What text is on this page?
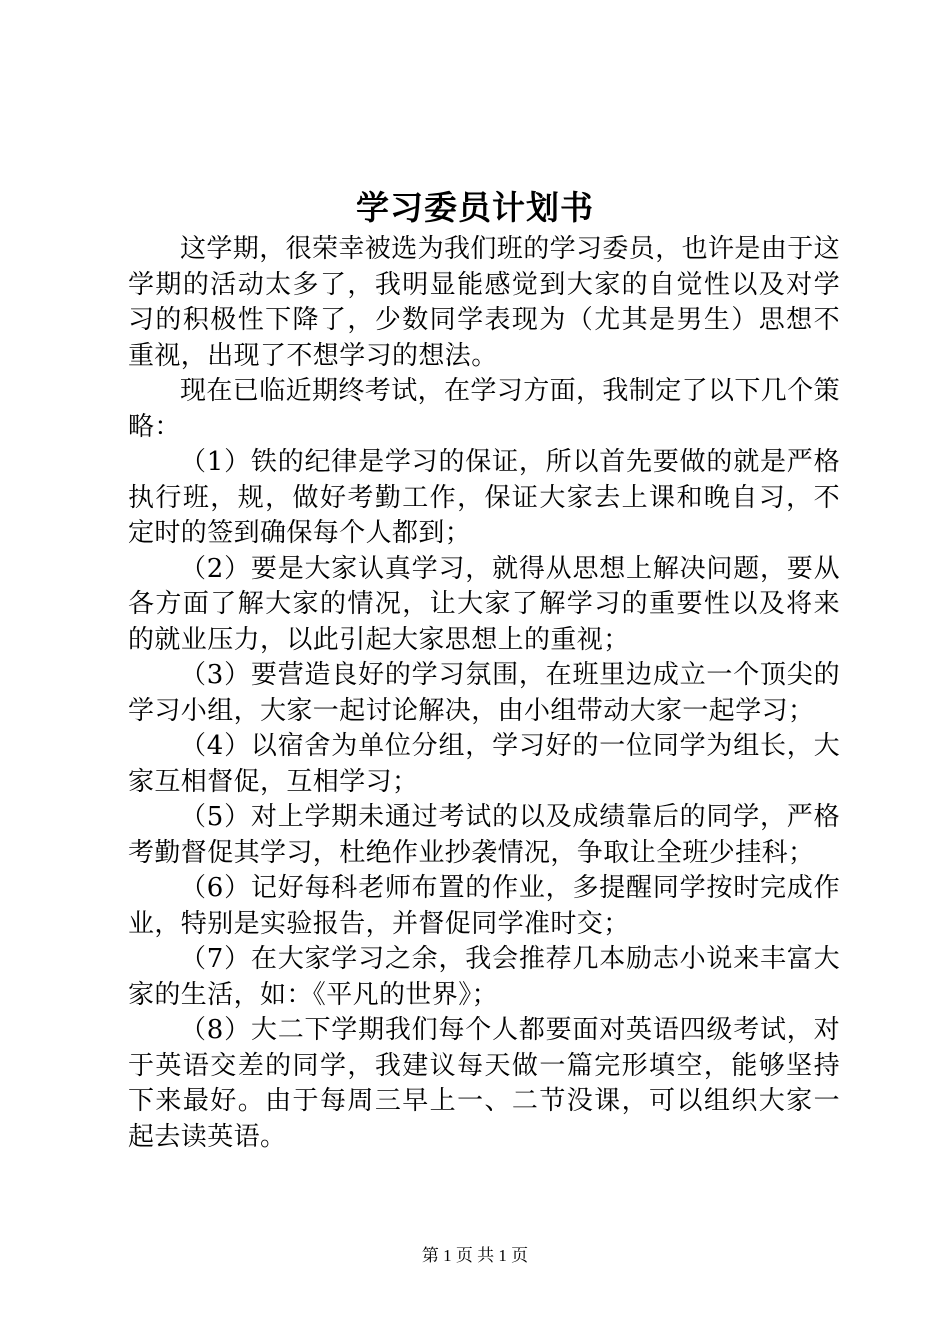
学习委员计划书

这学期，很荣幸被选为我们班的学习委员，也许是由于这学期的活动太多了，我明显能感觉到大家的自觉性以及对学习的积极性下降了，少数同学表现为（尤其是男生）思想不重视，出现了不想学习的想法。

现在已临近期终考试，在学习方面，我制定了以下几个策略：

（1）铁的纪律是学习的保证，所以首先要做的就是严格执行班，规，做好考勤工作，保证大家去上课和晚自习，不定时的签到确保每个人都到；

（2）要是大家认真学习，就得从思想上解决问题，要从各方面了解大家的情况，让大家了解学习的重要性以及将来的就业压力，以此引起大家思想上的重视；

（3）要营造良好的学习氛围，在班里边成立一个顶尖的学习小组，大家一起讨论解决，由小组带动大家一起学习；

（4）以宿舍为单位分组，学习好的一位同学为组长，大家互相督促，互相学习；

（5）对上学期未通过考试的以及成绩靠后的同学，严格考勤督促其学习，杜绝作业抄袭情况，争取让全班少挂科；

（6）记好每科老师布置的作业，多提醒同学按时完成作业，特别是实验报告，并督促同学准时交；

（7）在大家学习之余，我会推荐几本励志小说来丰富大家的生活，如：《平凡的世界》；

（8）大二下学期我们每个人都要面对英语四级考试，对于英语交差的同学，我建议每天做一篇完形填空，能够坚持下来最好。由于每周三早上一、二节没课，可以组织大家一起去读英语。

第 1 页 共 1 页
